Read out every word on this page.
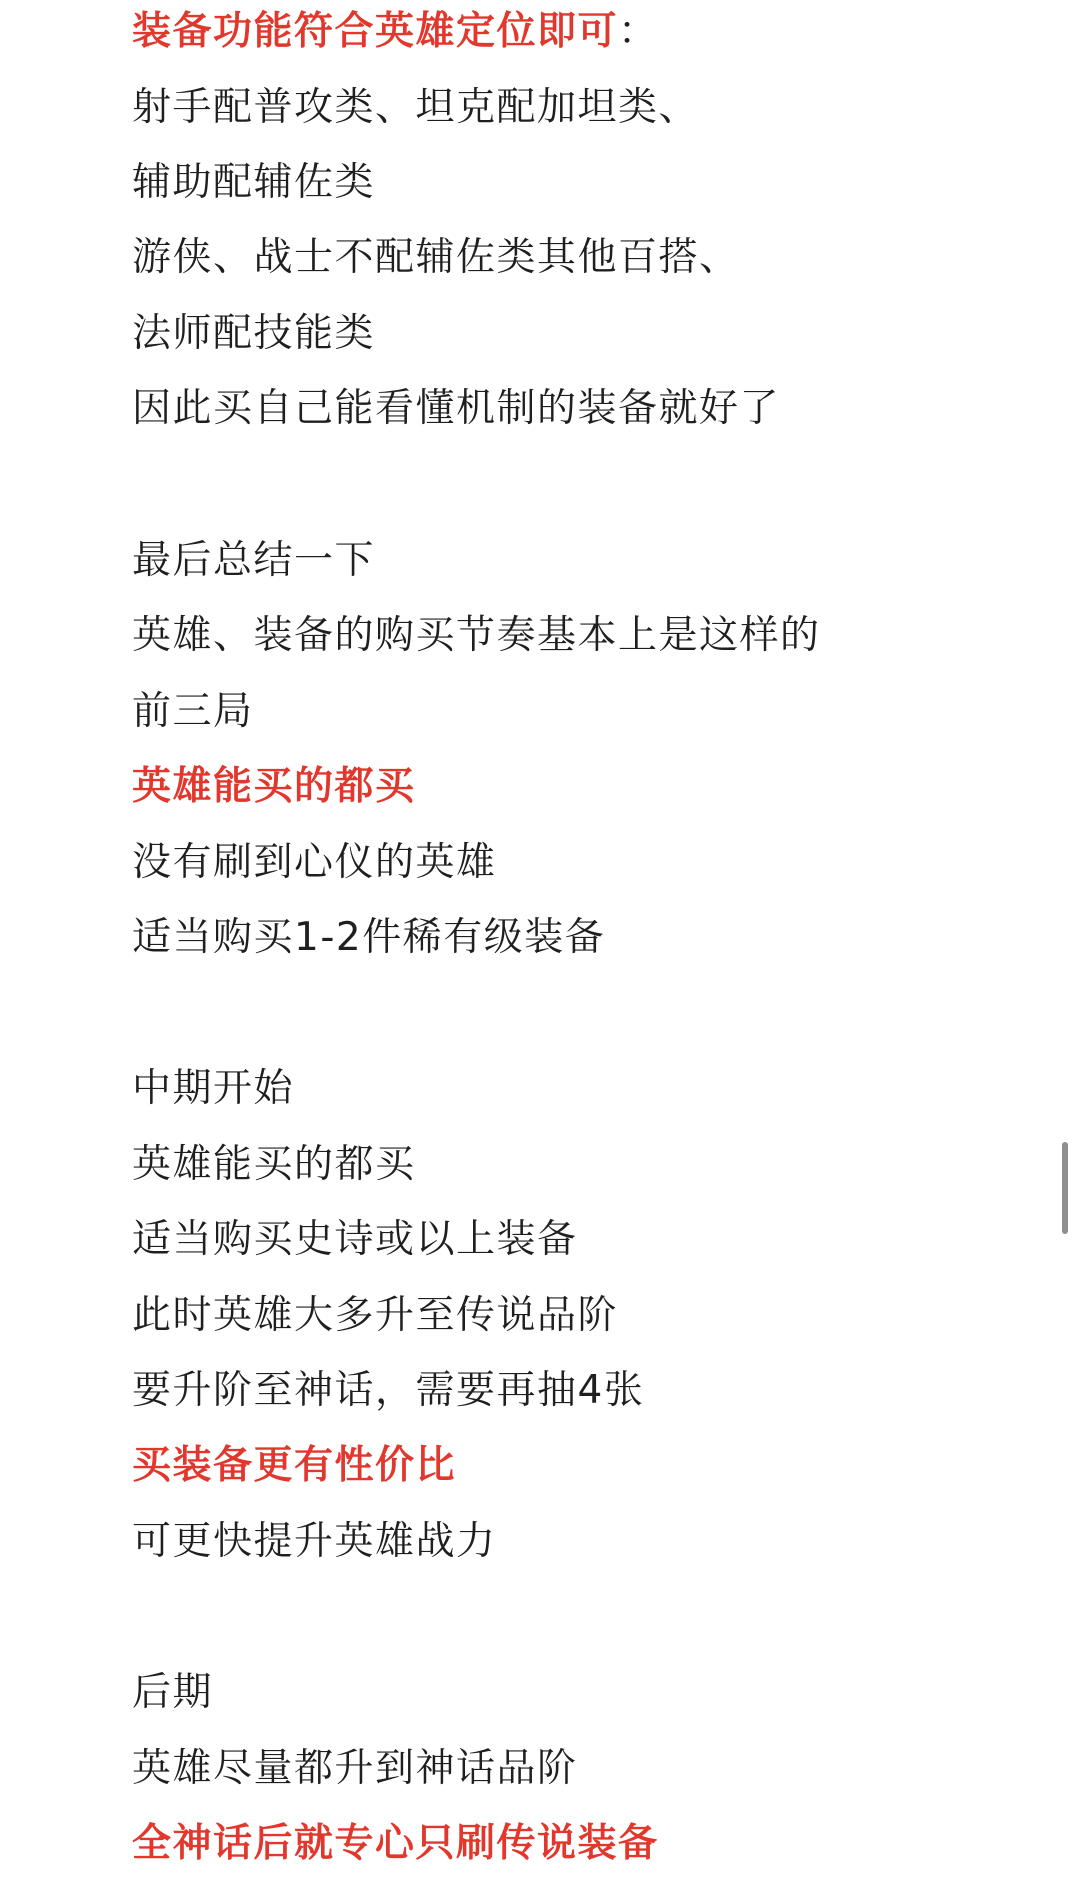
装备功能符合英雄定位即可：
射手配普攻类、坦克配加坦类、
辅助配辅佐类
游侠、战士不配辅佐类其他百搭、
法师配技能类
因此买自己能看懂机制的装备就好了
最后总结一下
英雄、装备的购买节奏基本上是这样的
前三局
英雄能买的都买
没有刷到心仪的英雄
适当购买1-2件稀有级装备
中期开始
英雄能买的都买
适当购买史诗或以上装备
此时英雄大多升至传说品阶
要升阶至神话，需要再抽4张
买装备更有性价比
可更快提升英雄战力
后期
英雄尽量都升到神话品阶
全神话后就专心只刷传说装备
